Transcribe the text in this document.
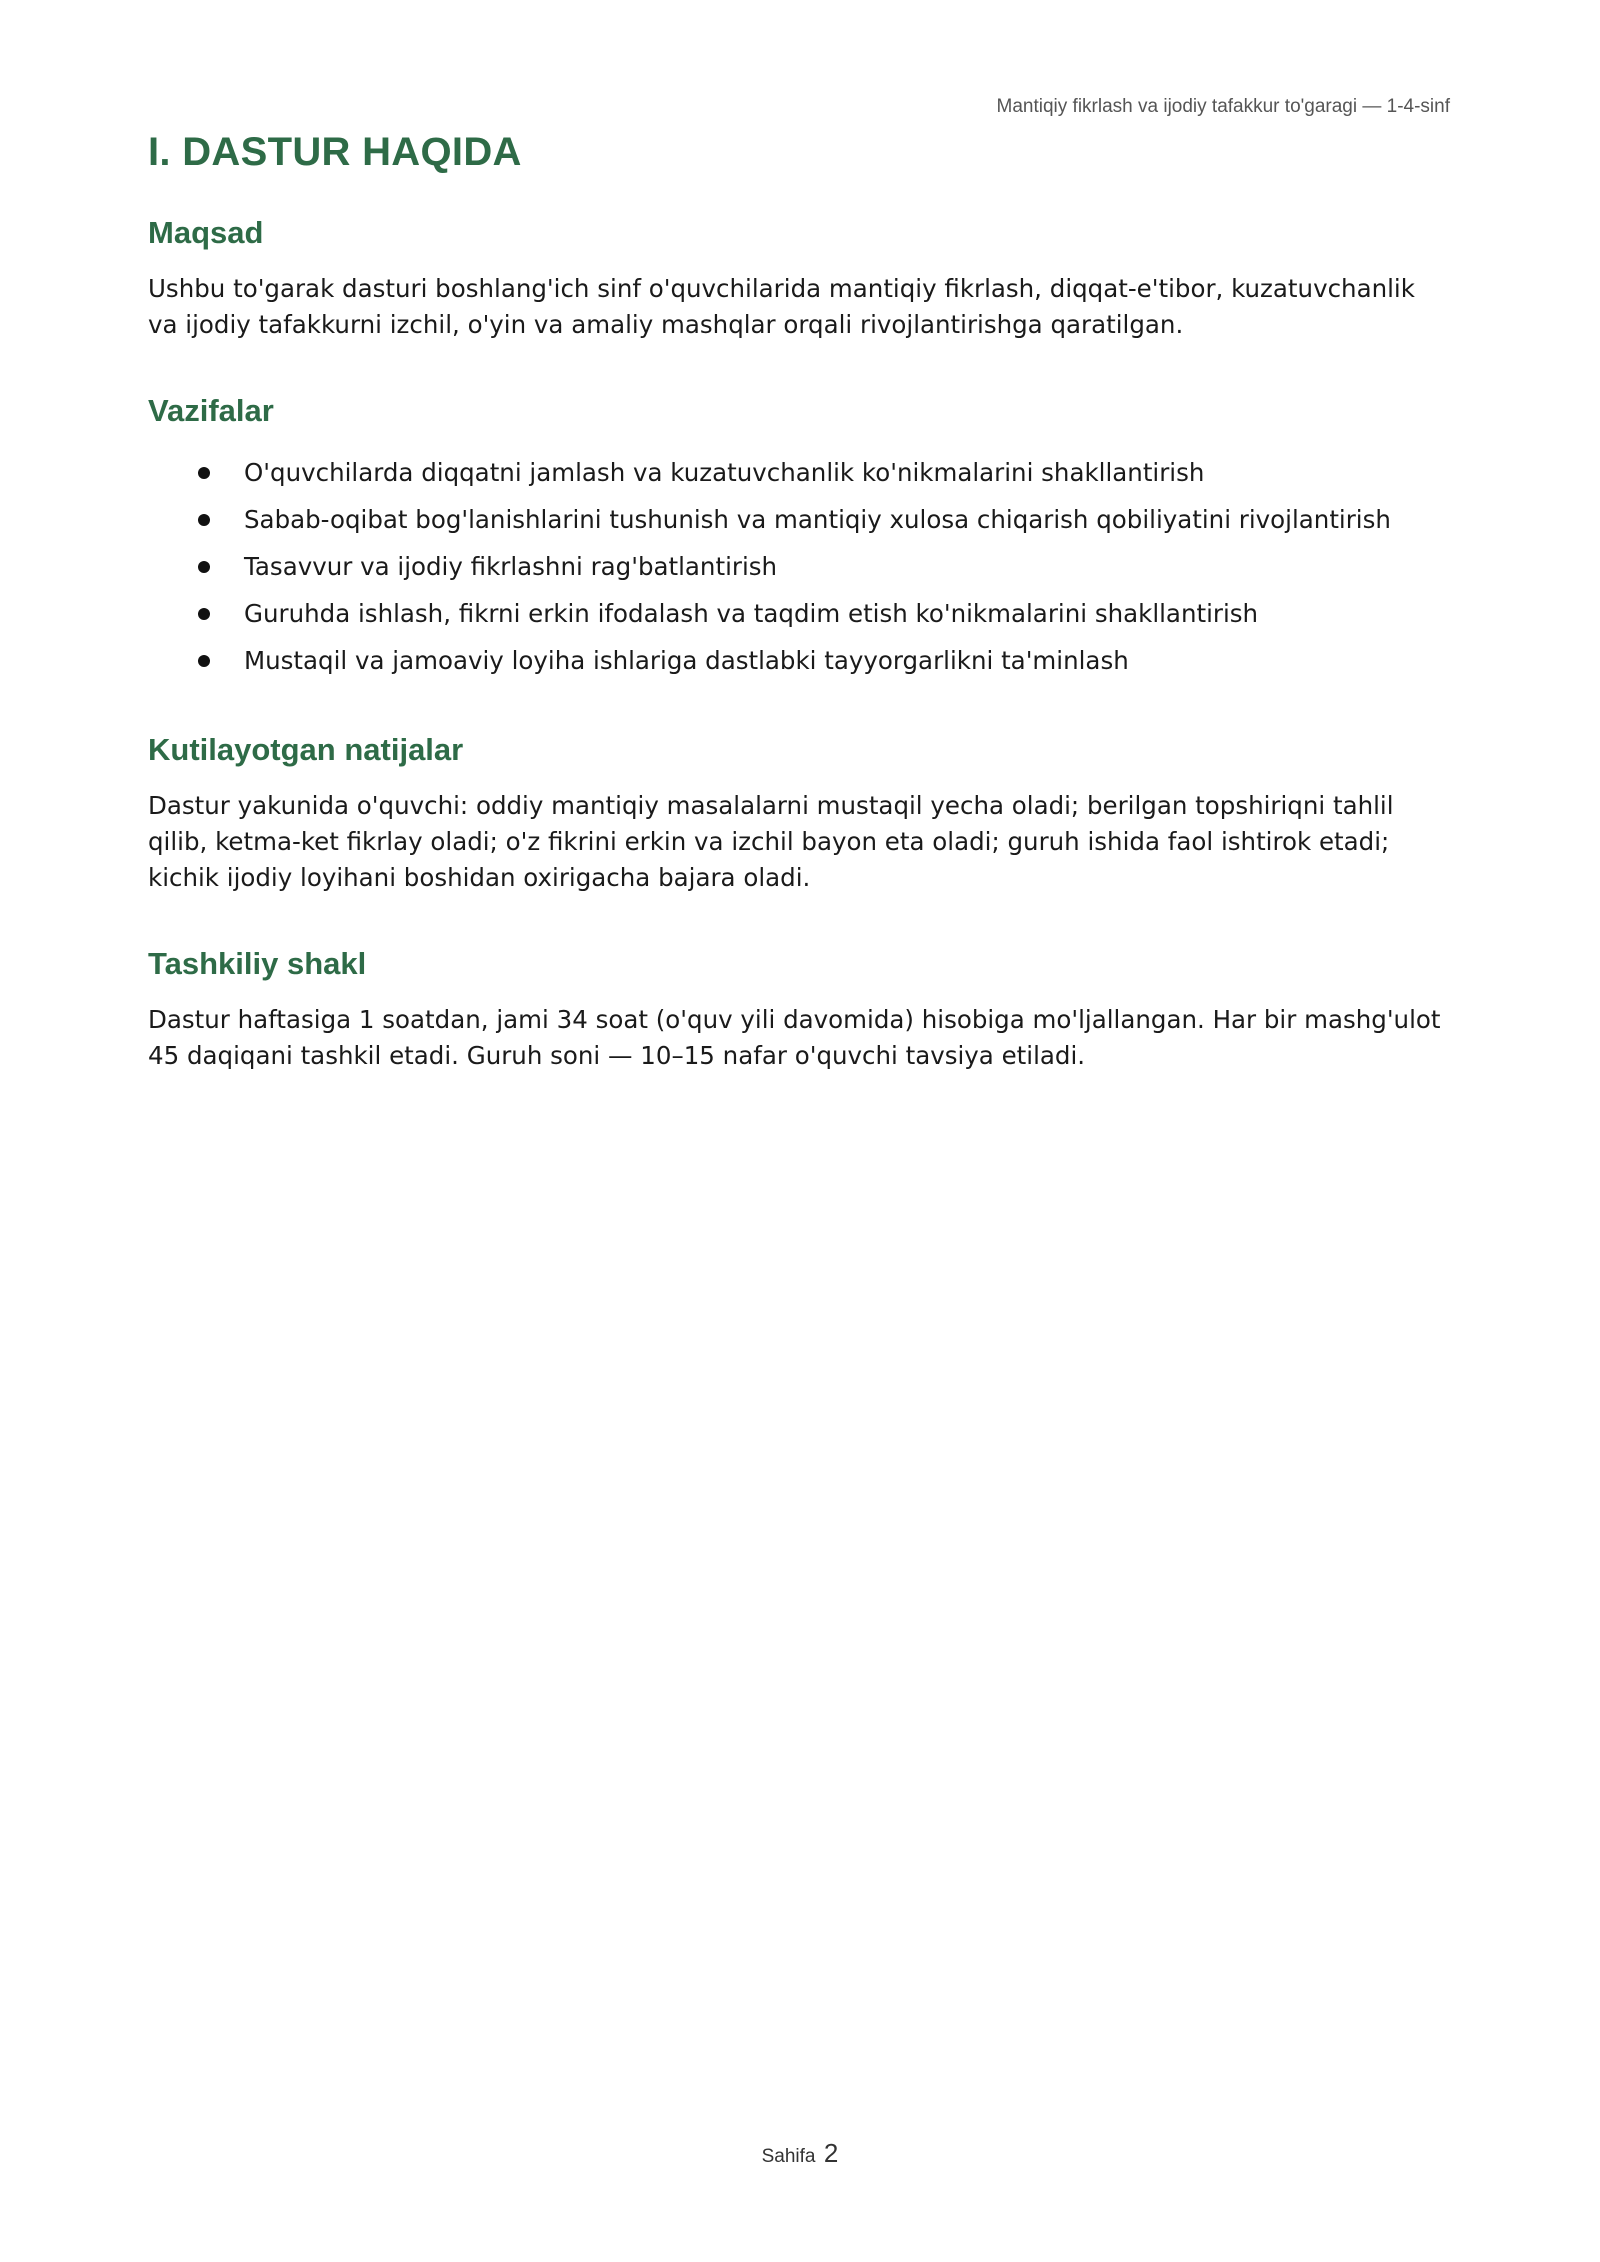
Mantiqiy fikrlash va ijodiy tafakkur to'garagi — 1-4-sinf
I. DASTUR HAQIDA
Maqsad

Ushbu to'garak dasturi boshlang'ich sinf o'quvchilarida mantiqiy fikrlash, diqqat-e'tibor, kuzatuvchanlik va ijodiy tafakkurni izchil, o'yin va amaliy mashqlar orqali rivojlantirishga qaratilgan.

Vazifalar
O'quvchilarda diqqatni jamlash va kuzatuvchanlik ko'nikmalarini shakllantirish
Sabab-oqibat bog'lanishlarini tushunish va mantiqiy xulosa chiqarish qobiliyatini rivojlantirish
Tasavvur va ijodiy fikrlashni rag'batlantirish
Guruhda ishlash, fikrni erkin ifodalash va taqdim etish ko'nikmalarini shakllantirish
Mustaqil va jamoaviy loyiha ishlariga dastlabki tayyorgarlikni ta'minlash
Kutilayotgan natijalar

Dastur yakunida o'quvchi: oddiy mantiqiy masalalarni mustaqil yecha oladi; berilgan topshiriqni tahlil qilib, ketma-ket fikrlay oladi; o'z fikrini erkin va izchil bayon eta oladi; guruh ishida faol ishtirok etadi; kichik ijodiy loyihani boshidan oxirigacha bajara oladi.

Tashkiliy shakl

Dastur haftasiga 1 soatdan, jami 34 soat (o'quv yili davomida) hisobiga mo'ljallangan. Har bir mashg'ulot 45 daqiqani tashkil etadi. Guruh soni — 10–15 nafar o'quvchi tavsiya etiladi.

Sahifa 2
